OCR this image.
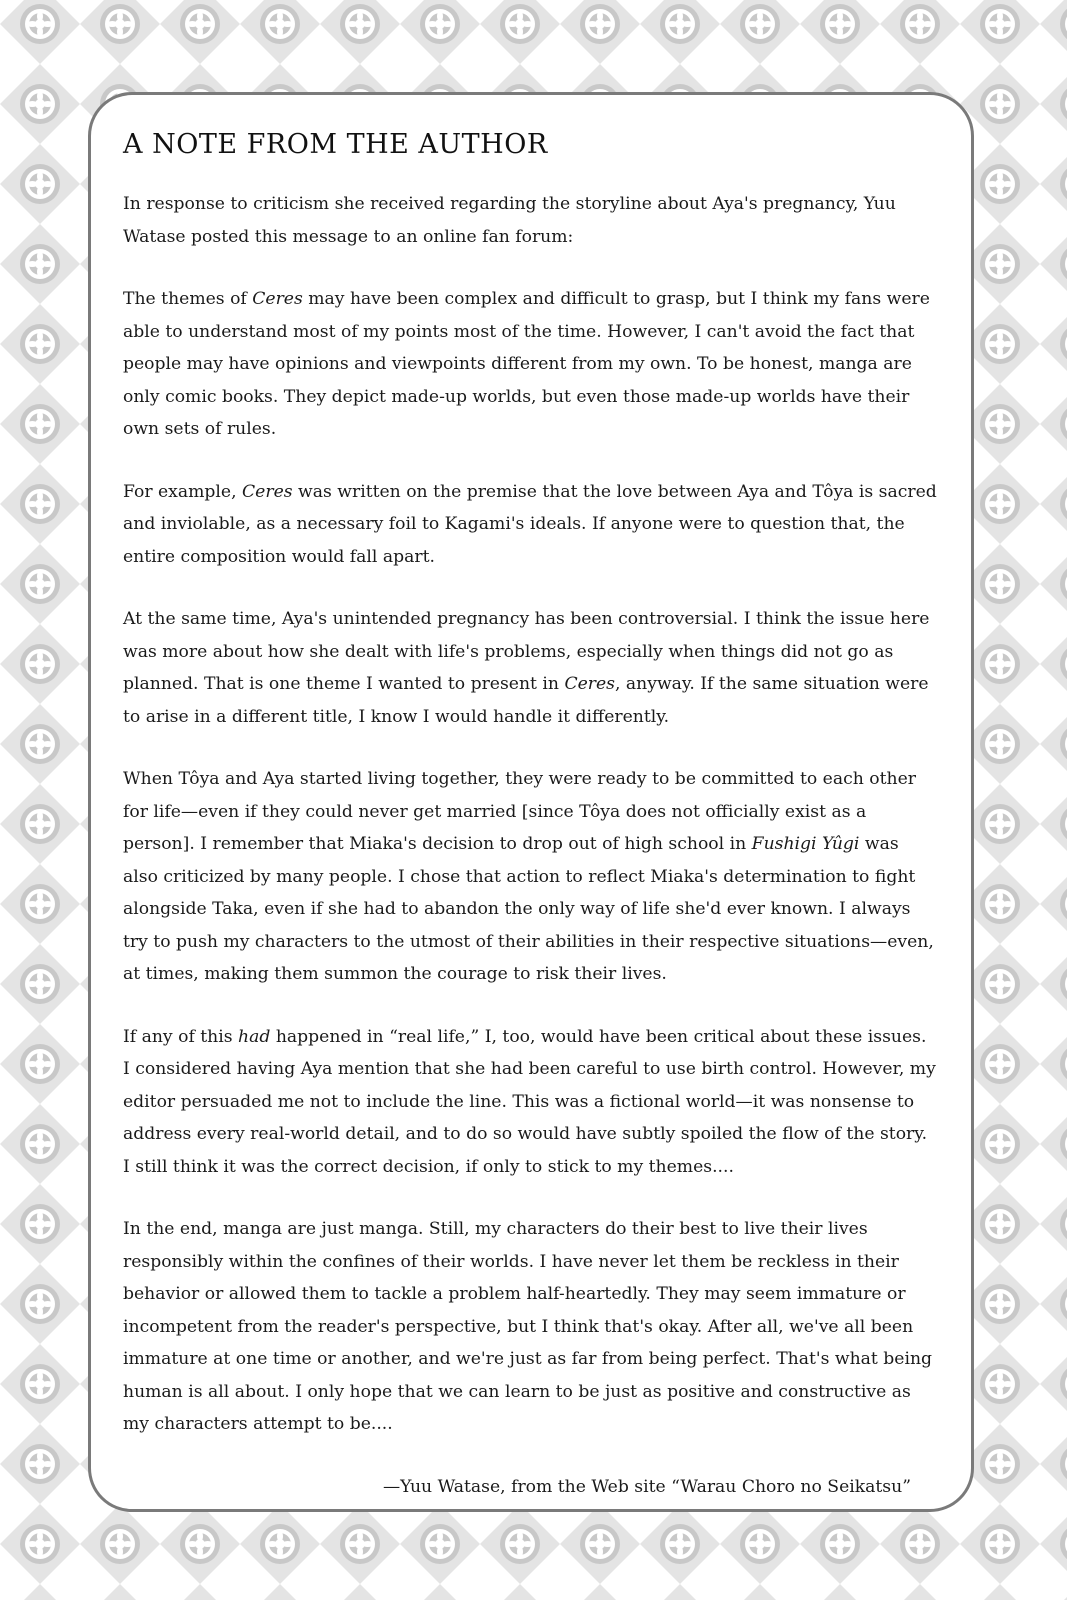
A NOTE FROM THE AUTHOR

In response to criticism she received regarding the storyline about Aya's pregnancy, Yuu Watase posted this message to an online fan forum:

The themes of Ceres may have been complex and difficult to grasp, but I think my fans were able to understand most of my points most of the time. However, I can't avoid the fact that people may have opinions and viewpoints different from my own. To be honest, manga are only comic books. They depict made-up worlds, but even those made-up worlds have their own sets of rules.

For example, Ceres was written on the premise that the love between Aya and Tôya is sacred and inviolable, as a necessary foil to Kagami's ideals. If anyone were to question that, the entire composition would fall apart.

At the same time, Aya's unintended pregnancy has been controversial. I think the issue here was more about how she dealt with life's problems, especially when things did not go as planned. That is one theme I wanted to present in Ceres, anyway. If the same situation were to arise in a different title, I know I would handle it differently.

When Tôya and Aya started living together, they were ready to be committed to each other for life—even if they could never get married [since Tôya does not officially exist as a person]. I remember that Miaka's decision to drop out of high school in Fushigi Yûgi was also criticized by many people. I chose that action to reflect Miaka's determination to fight alongside Taka, even if she had to abandon the only way of life she'd ever known. I always try to push my characters to the utmost of their abilities in their respective situations—even, at times, making them summon the courage to risk their lives.

If any of this had happened in “real life,” I, too, would have been critical about these issues. I considered having Aya mention that she had been careful to use birth control. However, my editor persuaded me not to include the line. This was a fictional world—it was nonsense to address every real-world detail, and to do so would have subtly spoiled the flow of the story. I still think it was the correct decision, if only to stick to my themes....

In the end, manga are just manga. Still, my characters do their best to live their lives responsibly within the confines of their worlds. I have never let them be reckless in their behavior or allowed them to tackle a problem half-heartedly. They may seem immature or incompetent from the reader's perspective, but I think that's okay. After all, we've all been immature at one time or another, and we're just as far from being perfect. That's what being human is all about. I only hope that we can learn to be just as positive and constructive as my characters attempt to be....

—Yuu Watase, from the Web site “Warau Choro no Seikatsu”
